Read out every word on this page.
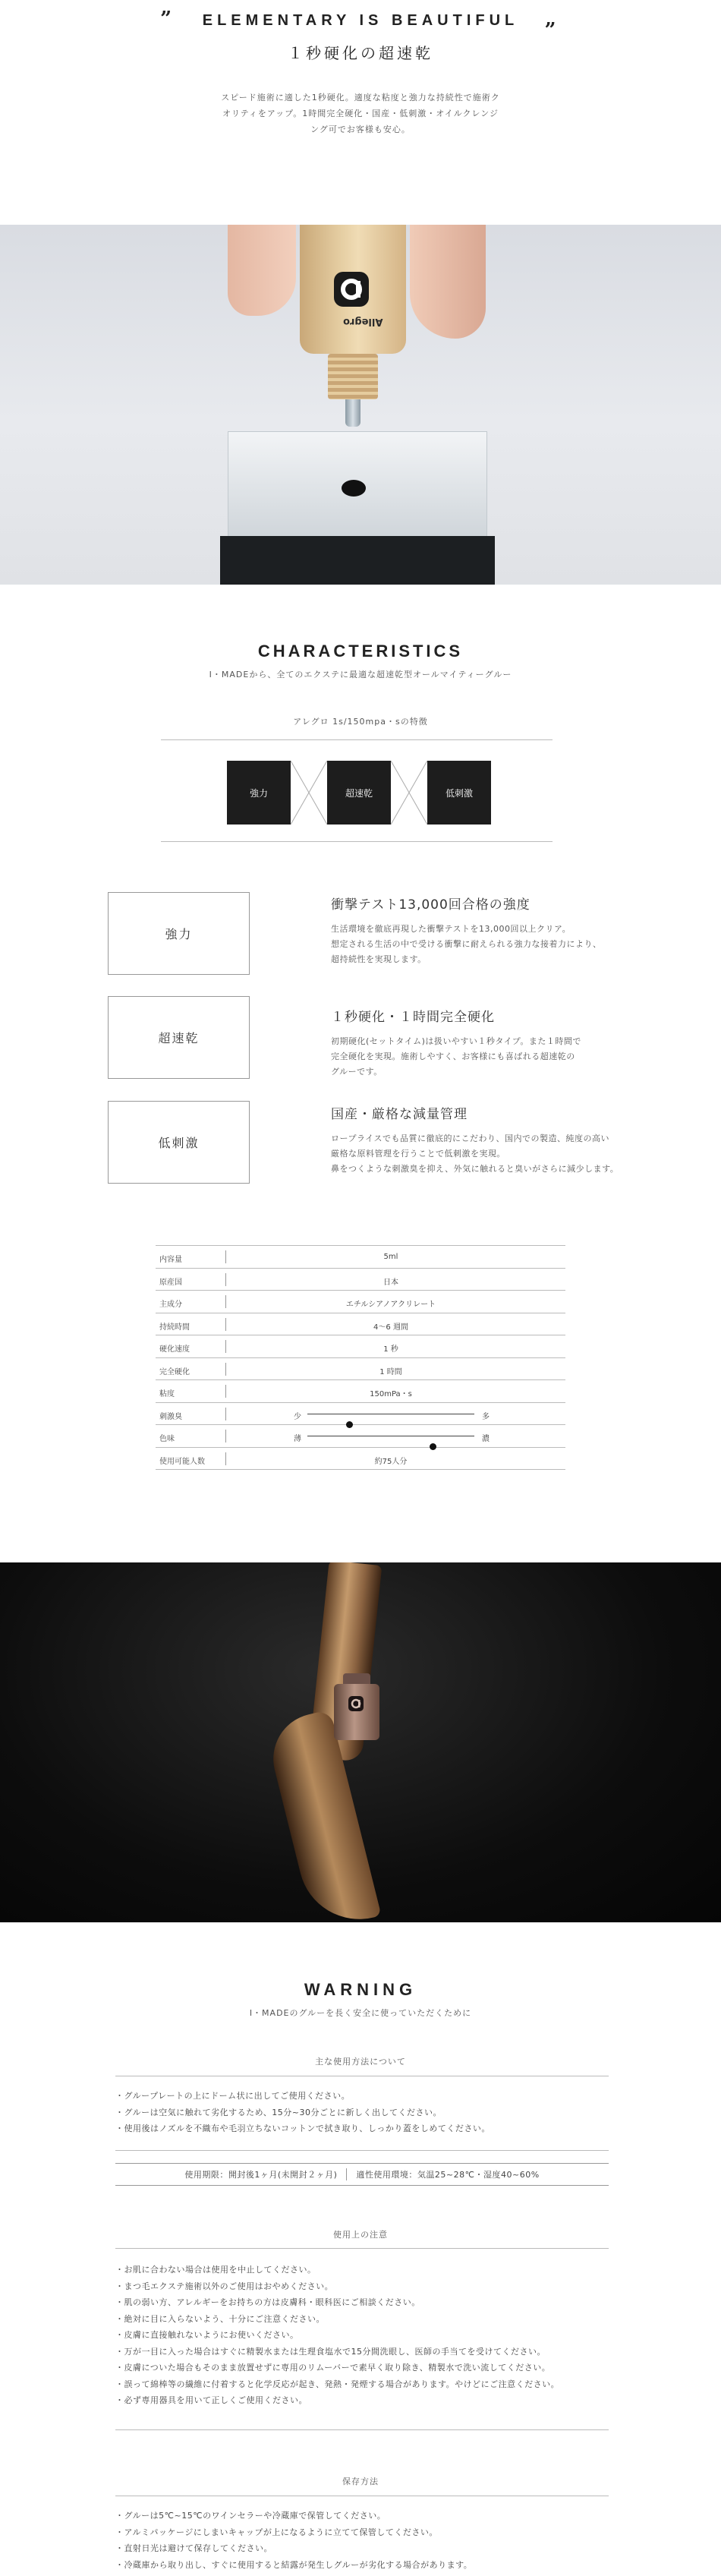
” ELEMENTARY IS BEAUTIFUL „
１秒硬化の超速乾
スピード施術に適した1秒硬化。適度な粘度と強力な持続性で施術ク
オリティをアップ。1時間完全硬化・国産・低刺激・オイルクレンジ
ング可でお客様も安心。
Allegro
CHARACTERISTICS
I・MADEから、全てのエクステに最適な超速乾型オールマイティーグルー
アレグロ 1s/150mpa・sの特徴
強力	超速乾	低刺激
強力
衝撃テスト13,000回合格の強度
生活環境を徹底再現した衝撃テストを13,000回以上クリア。
想定される生活の中で受ける衝撃に耐えられる強力な接着力により、
超持続性を実現します。
超速乾
１秒硬化・１時間完全硬化
初期硬化(セットタイム)は扱いやすい１秒タイプ。また１時間で
完全硬化を実現。施術しやすく、お客様にも喜ばれる超速乾の
グルーです。
低刺激
国産・厳格な減量管理
ロープライスでも品質に徹底的にこだわり、国内での製造、純度の高い
厳格な原料管理を行うことで低刺激を実現。
鼻をつくような刺激臭を抑え、外気に触れると臭いがさらに減少します。
内容量	5ml
原産国	日本
主成分	エチルシアノアクリレート
持続時間	4〜6 週間
硬化速度	1 秒
完全硬化	1 時間
粘度	150mPa・s
刺激臭	少	多
色味	薄	濃
使用可能人数	約75人分
WARNING
I・MADEのグルーを長く安全に使っていただくために
主な使用方法について
・ グループレートの上にドーム状に出してご使用ください。
・ グルーは空気に触れて劣化するため、15分~30分ごとに新しく出してください。
・ 使用後はノズルを不織布や毛羽立ちないコットンで拭き取り、しっかり蓋をしめてください。
使用期限：開封後1ヶ月(未開封２ヶ月) 適性使用環境：気温25~28℃・湿度40~60%
使用上の注意
・ お肌に合わない場合は使用を中止してください。
・ まつ毛エクステ施術以外のご使用はおやめください。
・ 肌の弱い方、アレルギーをお持ちの方は皮膚科・眼科医にご相談ください。
・ 絶対に目に入らないよう、十分にご注意ください。
・ 皮膚に直接触れないようにお使いください。
・ 万が一目に入った場合はすぐに精製水または生理食塩水で15分間洗眼し、医師の手当てを受けてください。
・ 皮膚についた場合もそのまま放置せずに専用のリムーバーで素早く取り除き、精製水で洗い流してください。
・ 誤って綿棒等の繊維に付着すると化学反応が起き、発熱・発煙する場合があります。やけどにご注意ください。
・ 必ず専用器具を用いて正しくご使用ください。
保存方法
・ グルーは5℃~15℃のワインセラーや冷蔵庫で保管してください。
・ アルミパッケージにしまいキャップが上になるように立てて保管してください。
・ 直射日光は避けて保存してください。
・ 冷蔵庫から取り出し、すぐに使用すると結露が発生しグルーが劣化する場合があります。
